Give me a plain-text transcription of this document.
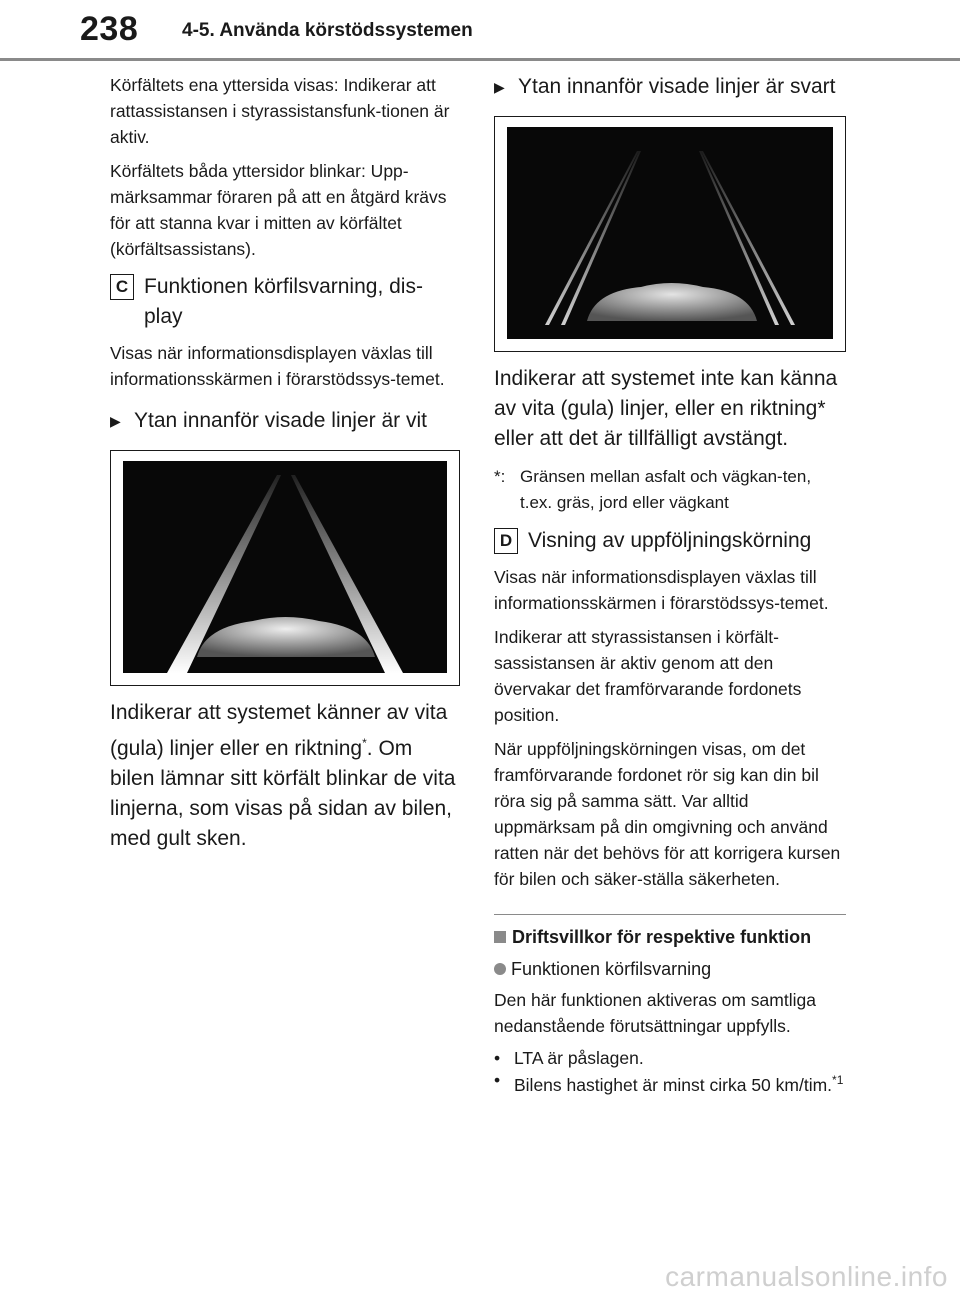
238 4-5. Använda körstödssystemen

Körfältets ena yttersida visas: Indikerar att rattassistansen i styrassistansfunk-tionen är aktiv.

Körfältets båda yttersidor blinkar: Upp-märksammar föraren på att en åtgärd krävs för att stanna kvar i mitten av körfältet (körfältsassistans).

C Funktionen körfilsvarning, dis-play

Visas när informationsdisplayen växlas till informationsskärmen i förarstödssys-temet.

▶ Ytan innanför visade linjer är vit

Indikerar att systemet känner av vita (gula) linjer eller en riktning*. Om bilen lämnar sitt körfält blinkar de vita linjerna, som visas på sidan av bilen, med gult sken.

▶ Ytan innanför visade linjer är svart

Indikerar att systemet inte kan känna av vita (gula) linjer, eller en riktning* eller att det är tillfälligt avstängt.

*: Gränsen mellan asfalt och vägkan-ten, t.ex. gräs, jord eller vägkant
D Visning av uppföljningskörning

Visas när informationsdisplayen växlas till informationsskärmen i förarstödssys-temet.

Indikerar att styrassistansen i körfält-sassistansen är aktiv genom att den övervakar det framförvarande fordonets position.

När uppföljningskörningen visas, om det framförvarande fordonet rör sig kan din bil röra sig på samma sätt. Var alltid uppmärksam på din omgivning och använd ratten när det behövs för att korrigera kursen för bilen och säker-ställa säkerheten.

Driftsvillkor för respektive funktion
Funktionen körfilsvarning

Den här funktionen aktiveras om samtliga nedanstående förutsättningar uppfylls.

• LTA är påslagen.
• Bilens hastighet är minst cirka 50 km/tim.$^{*1}$
carmanualsonline.info
